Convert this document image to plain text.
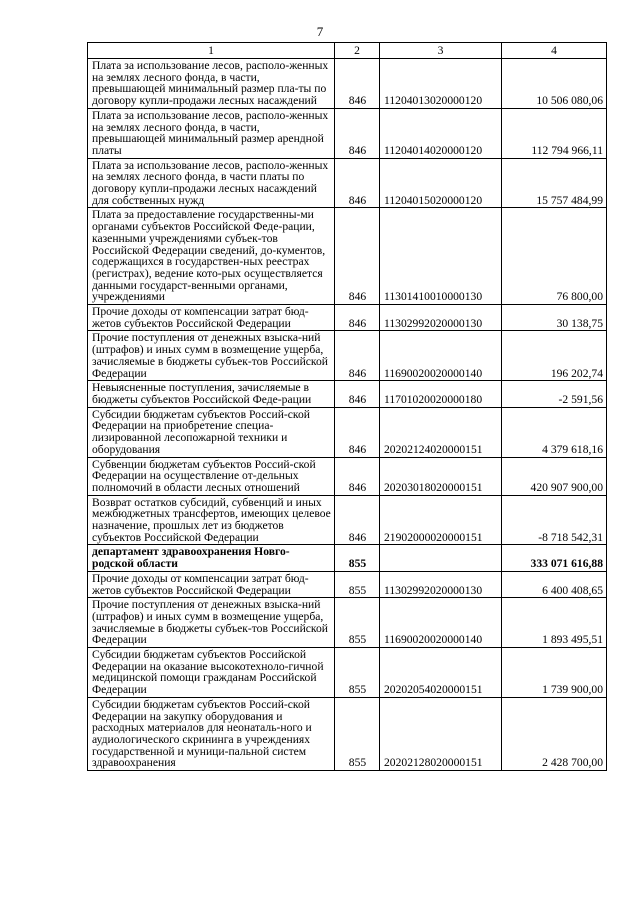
7
1	2	3	4
Плата за использование лесов, располо-женных на землях лесного фонда, в части, превышающей минимальный размер пла-ты по договору купли-продажи лесных насаждений	846	11204013020000120	10 506 080,06
Плата за использование лесов, располо-женных на землях лесного фонда, в части, превышающей минимальный размер арендной платы	846	11204014020000120	112 794 966,11
Плата за использование лесов, располо-женных на землях лесного фонда, в части платы по договору купли-продажи лесных насаждений для собственных нужд	846	11204015020000120	15 757 484,99
Плата за предоставление государственны-ми органами субъектов Российской Феде-рации, казенными учреждениями субъек-тов Российской Федерации сведений, до-кументов, содержащихся в государствен-ных реестрах (регистрах), ведение кото-рых осуществляется данными государст-венными органами, учреждениями	846	11301410010000130	76 800,00
Прочие доходы от компенсации затрат бюд-жетов субъектов Российской Федерации	846	11302992020000130	30 138,75
Прочие поступления от денежных взыска-ний (штрафов) и иных сумм в возмещение ущерба, зачисляемые в бюджеты субъек-тов Российской Федерации	846	11690020020000140	196 202,74
Невыясненные поступления, зачисляемые в бюджеты субъектов Российской Феде-рации	846	11701020020000180	-2 591,56
Субсидии бюджетам субъектов Россий-ской Федерации на приобретение специа-лизированной лесопожарной техники и оборудования	846	20202124020000151	4 379 618,16
Субвенции бюджетам субъектов Россий-ской Федерации на осуществление от-дельных полномочий в области лесных отношений	846	20203018020000151	420 907 900,00
Возврат остатков субсидий, субвенций и иных межбюджетных трансфертов, имеющих целевое назначение, прошлых лет из бюджетов субъектов Российской Федерации	846	21902000020000151	-8 718 542,31
департамент здравоохранения Новго-родской области	855		333 071 616,88
Прочие доходы от компенсации затрат бюд-жетов субъектов Российской Федерации	855	11302992020000130	6 400 408,65
Прочие поступления от денежных взыска-ний (штрафов) и иных сумм в возмещение ущерба, зачисляемые в бюджеты субъек-тов Российской Федерации	855	11690020020000140	1 893 495,51
Субсидии бюджетам субъектов Российской Федерации на оказание высокотехноло-гичной медицинской помощи гражданам Российской Федерации	855	20202054020000151	1 739 900,00
Субсидии бюджетам субъектов Россий-ской Федерации на закупку оборудования и расходных материалов для неонаталь-ного и аудиологического скрининга в учреждениях государственной и муници-пальной систем здравоохранения	855	20202128020000151	2 428 700,00
